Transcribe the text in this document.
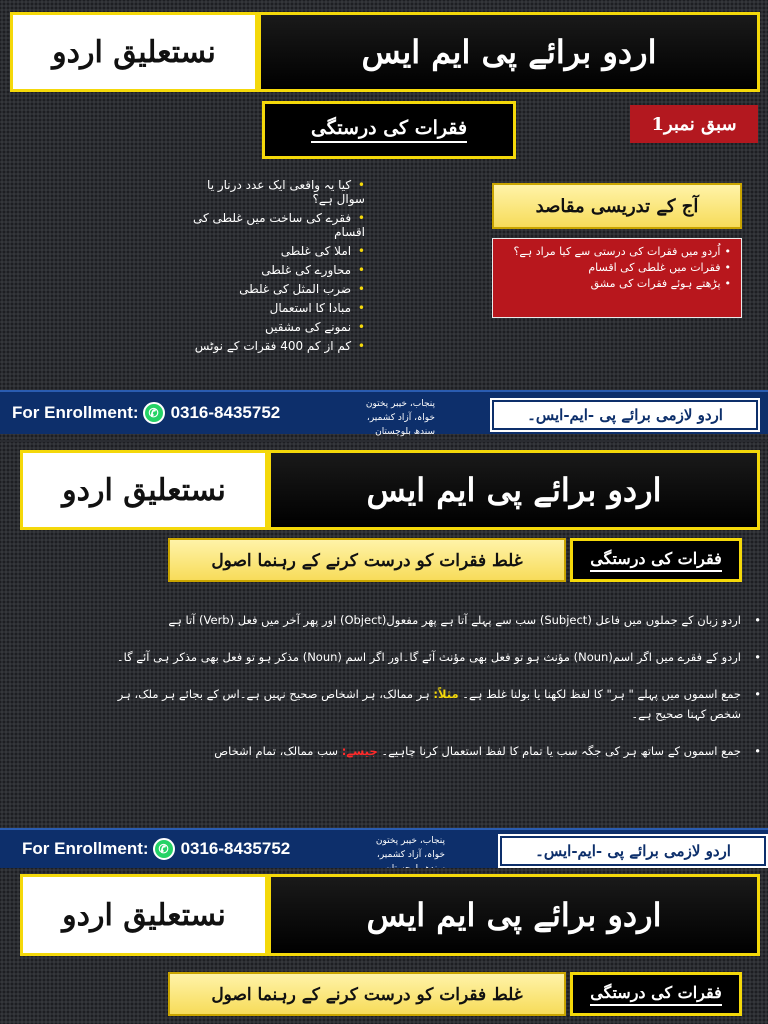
نستعلیق اردو	اردو برائے پی ایم ایس
فقرات کی درستگی	سبق نمبر1
• کیا یہ واقعی ایک عدد درنار یا سوال ہے؟
• فقرے کی ساخت میں غلطی کی اقسام
• املا کی غلطی
• محاورے کی غلطی
• ضرب المثل کی غلطی
• مبادا کا استعمال
• نمونے کی مشقیں
• کم از کم 400 فقرات کے نوٹس
آج کے تدریسی مقاصد
• اُردو میں فقرات کی درستی سے کیا مراد ہے؟
• فقرات میں غلطی کی اقسام
• پڑھتے ہوئے فقرات کی مشق
For Enrollment: ✆ 0316-8435752	پنجاب، خیبر پختون خواہ، آزاد کشمیر، سندھ بلوچستان
اردو لازمی برائے پی -ایم-ایس۔
نستعلیق اردو	اردو برائے پی ایم ایس
غلط فقرات کو درست کرنے کے رہنما اصول	فقرات کی درستگی
• اردو زبان کے جملوں میں فاعل (Subject) سب سے پہلے آتا ہے پھر مفعول(Object) اور پھر آخر میں فعل (Verb) آتا ہے
• اردو کے فقرے میں اگر اسم(Noun) مؤنث ہو تو فعل بھی مؤنث آئے گا۔اور اگر اسم (Noun) مذکر ہو تو فعل بھی مذکر ہی آئے گا۔
• جمع اسموں میں پہلے " ہر" کا لفظ لکھنا یا بولنا غلط ہے۔ مثلاً: ہر ممالک، ہر اشخاص صحیح نہیں ہے۔اس کے بجائے ہر ملک، ہر شخص کہنا صحیح ہے۔
• جمع اسموں کے ساتھ ہر کی جگہ سب یا تمام کا لفظ استعمال کرنا چاہیے۔ جیسے: سب ممالک، تمام اشخاص
For Enrollment: ✆ 0316-8435752	پنجاب، خیبر پختون خواہ، آزاد کشمیر،	اردو لازمی برائے پی -ایم-ایس۔
نستعلیق اردو	اردو برائے پی ایم ایس
غلط فقرات کو درست کرنے کے رہنما اصول	فقرات کی درستگی
